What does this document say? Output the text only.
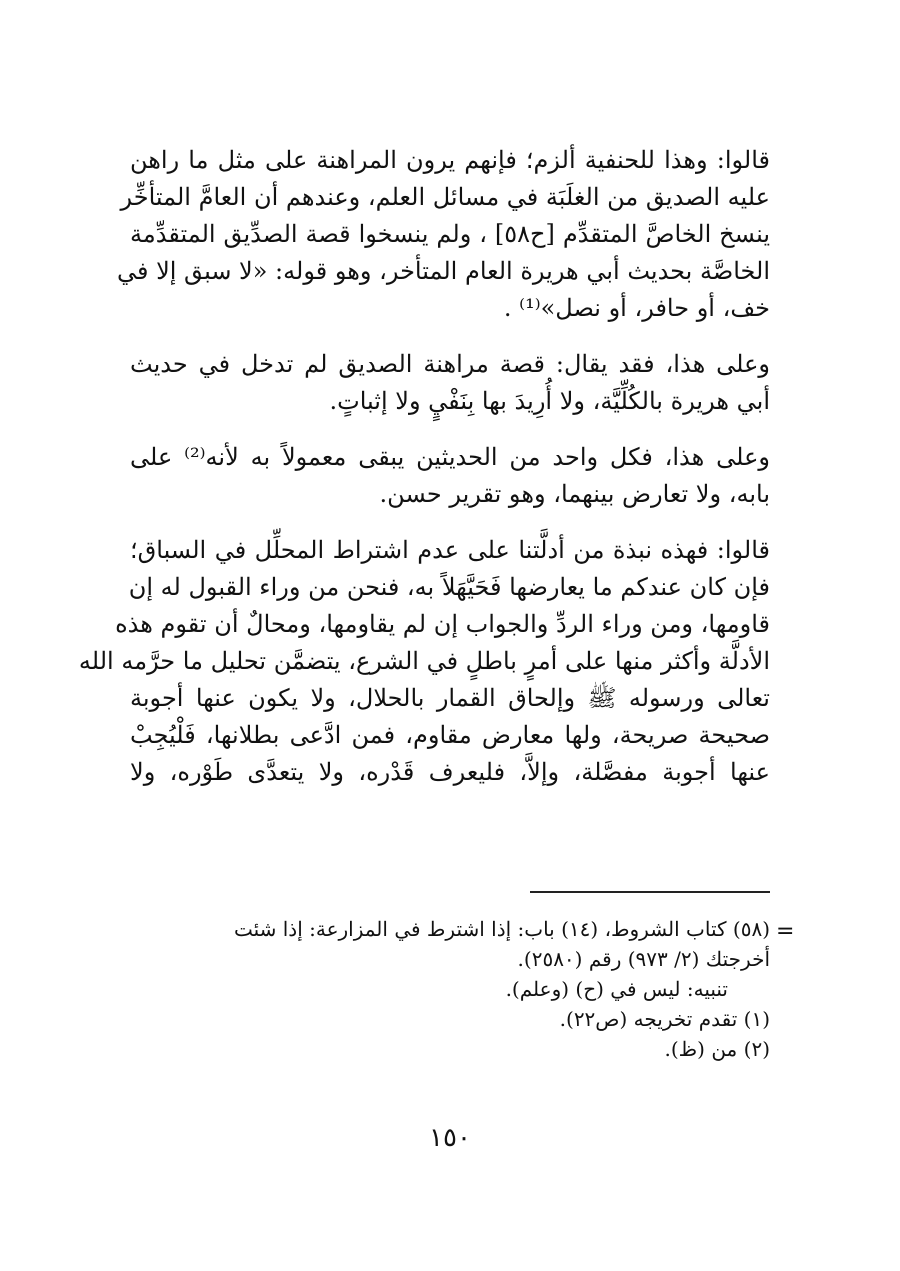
قالوا: وهذا للحنفية ألزم؛ فإنهم يرون المراهنة على مثل ما راهن
عليه الصديق من الغلَبَة في مسائل العلم، وعندهم أن العامَّ المتأخِّر
ينسخ الخاصَّ المتقدِّم [ح٥٨] ، ولم ينسخوا قصة الصدِّيق المتقدِّمة
الخاصَّة بحديث أبي هريرة العام المتأخر، وهو قوله: «لا سبق إلا في
خف، أو حافر، أو نصل»⁽¹⁾ .

وعلى هذا، فقد يقال: قصة مراهنة الصديق لم تدخل في حديث
أبي هريرة بالكُلِّيَّة، ولا أُرِيدَ بها بِنَفْيٍ ولا إثباتٍ.

وعلى هذا، فكل واحد من الحديثين يبقى معمولاً به لأنه⁽²⁾ على
بابه، ولا تعارض بينهما، وهو تقرير حسن.

قالوا: فهذه نبذة من أدلَّتنا على عدم اشتراط المحلِّل في السباق؛
فإن كان عندكم ما يعارضها فَحَيَّهَلاً به، فنحن من وراء القبول له إن
قاومها، ومن وراء الردِّ والجواب إن لم يقاومها، ومحالٌ أن تقوم هذه
الأدلَّة وأكثر منها على أمرٍ باطلٍ في الشرع، يتضمَّن تحليل ما حرَّمه الله
تعالى ورسوله ﷺ وإلحاق القمار بالحلال، ولا يكون عنها أجوبة
صحيحة صريحة، ولها معارض مقاوم، فمن ادَّعى بطلانها، فَلْيُجِبْ
عنها أجوبة مفصَّلة، وإلاَّ، فليعرف قَدْره، ولا يتعدَّى طَوْره، ولا

=
(٥٨) كتاب الشروط، (١٤) باب: إذا اشترط في المزارعة: إذا شئت
أخرجتك (٢/ ٩٧٣) رقم (٢٥٨٠).
تنبيه: ليس في (ح) (وعلم).
(١) تقدم تخريجه (ص٢٢).
(٢) من (ظ).
١٥٠
